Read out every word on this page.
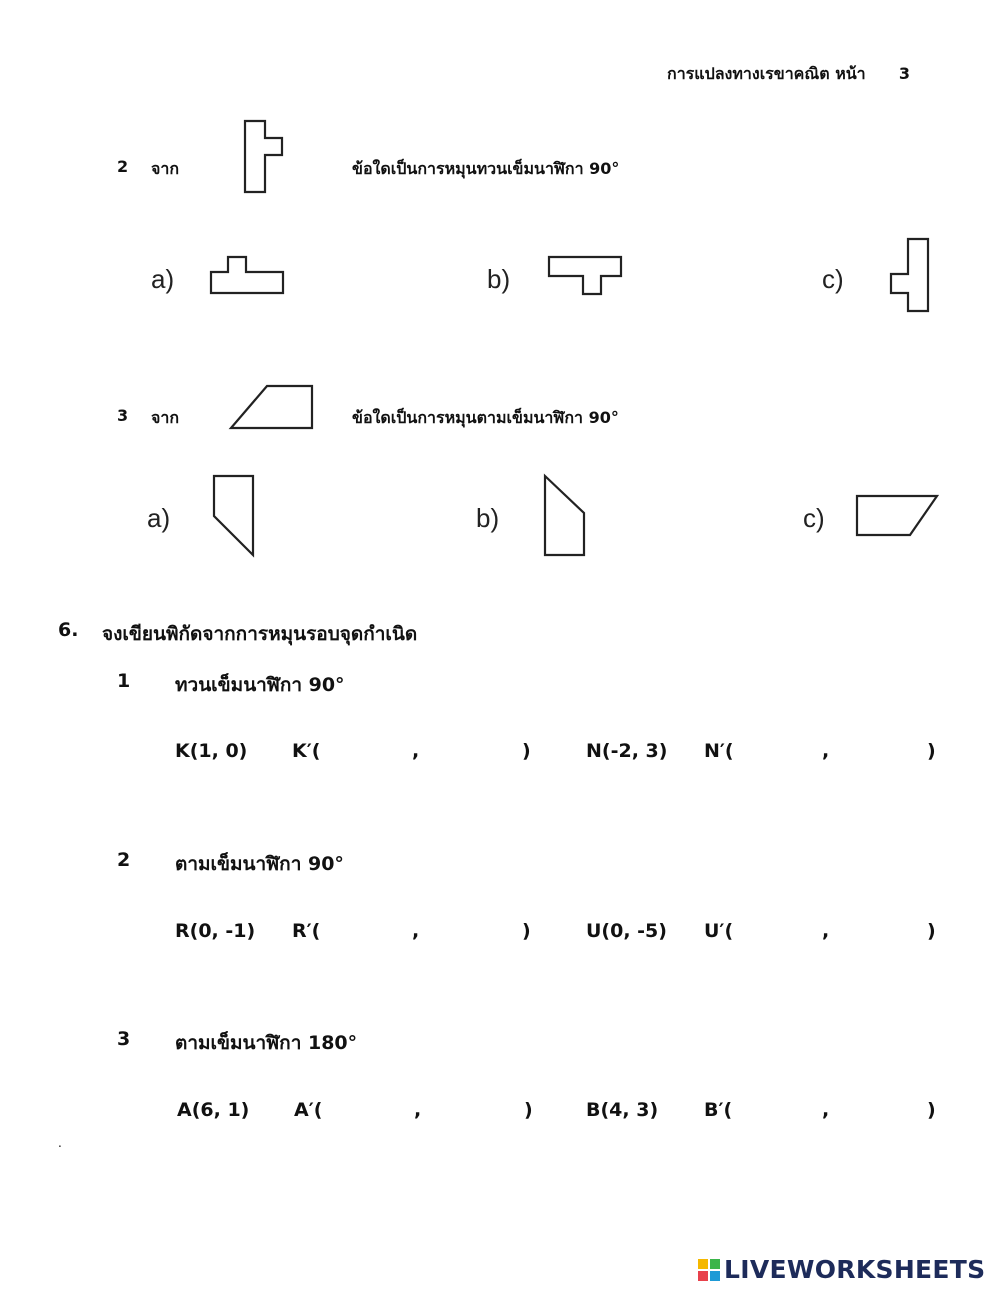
การแปลงทางเรขาคณิต หน้า 3
2 จาก	ข้อใดเป็นการหมุนทวนเข็มนาฬิกา 90°
a)	b)	c)
3 จาก	ข้อใดเป็นการหมุนตามเข็มนาฬิกา 90°
a)	b)	c)
6. จงเขียนพิกัดจากการหมุนรอบจุดกำเนิด
1 ทวนเข็มนาฬิกา 90°
K(1, 0) K′(	,	)	N(-2, 3) N′(	,	)
2 ตามเข็มนาฬิกา 90°
R(0, -1) R′(	,	)	U(0, -5) U′(	,	)
3 ตามเข็มนาฬิกา 180°
A(6, 1) A′(	,	)	B(4, 3) B′(	,	)
.
LIVEWORKSHEETS
